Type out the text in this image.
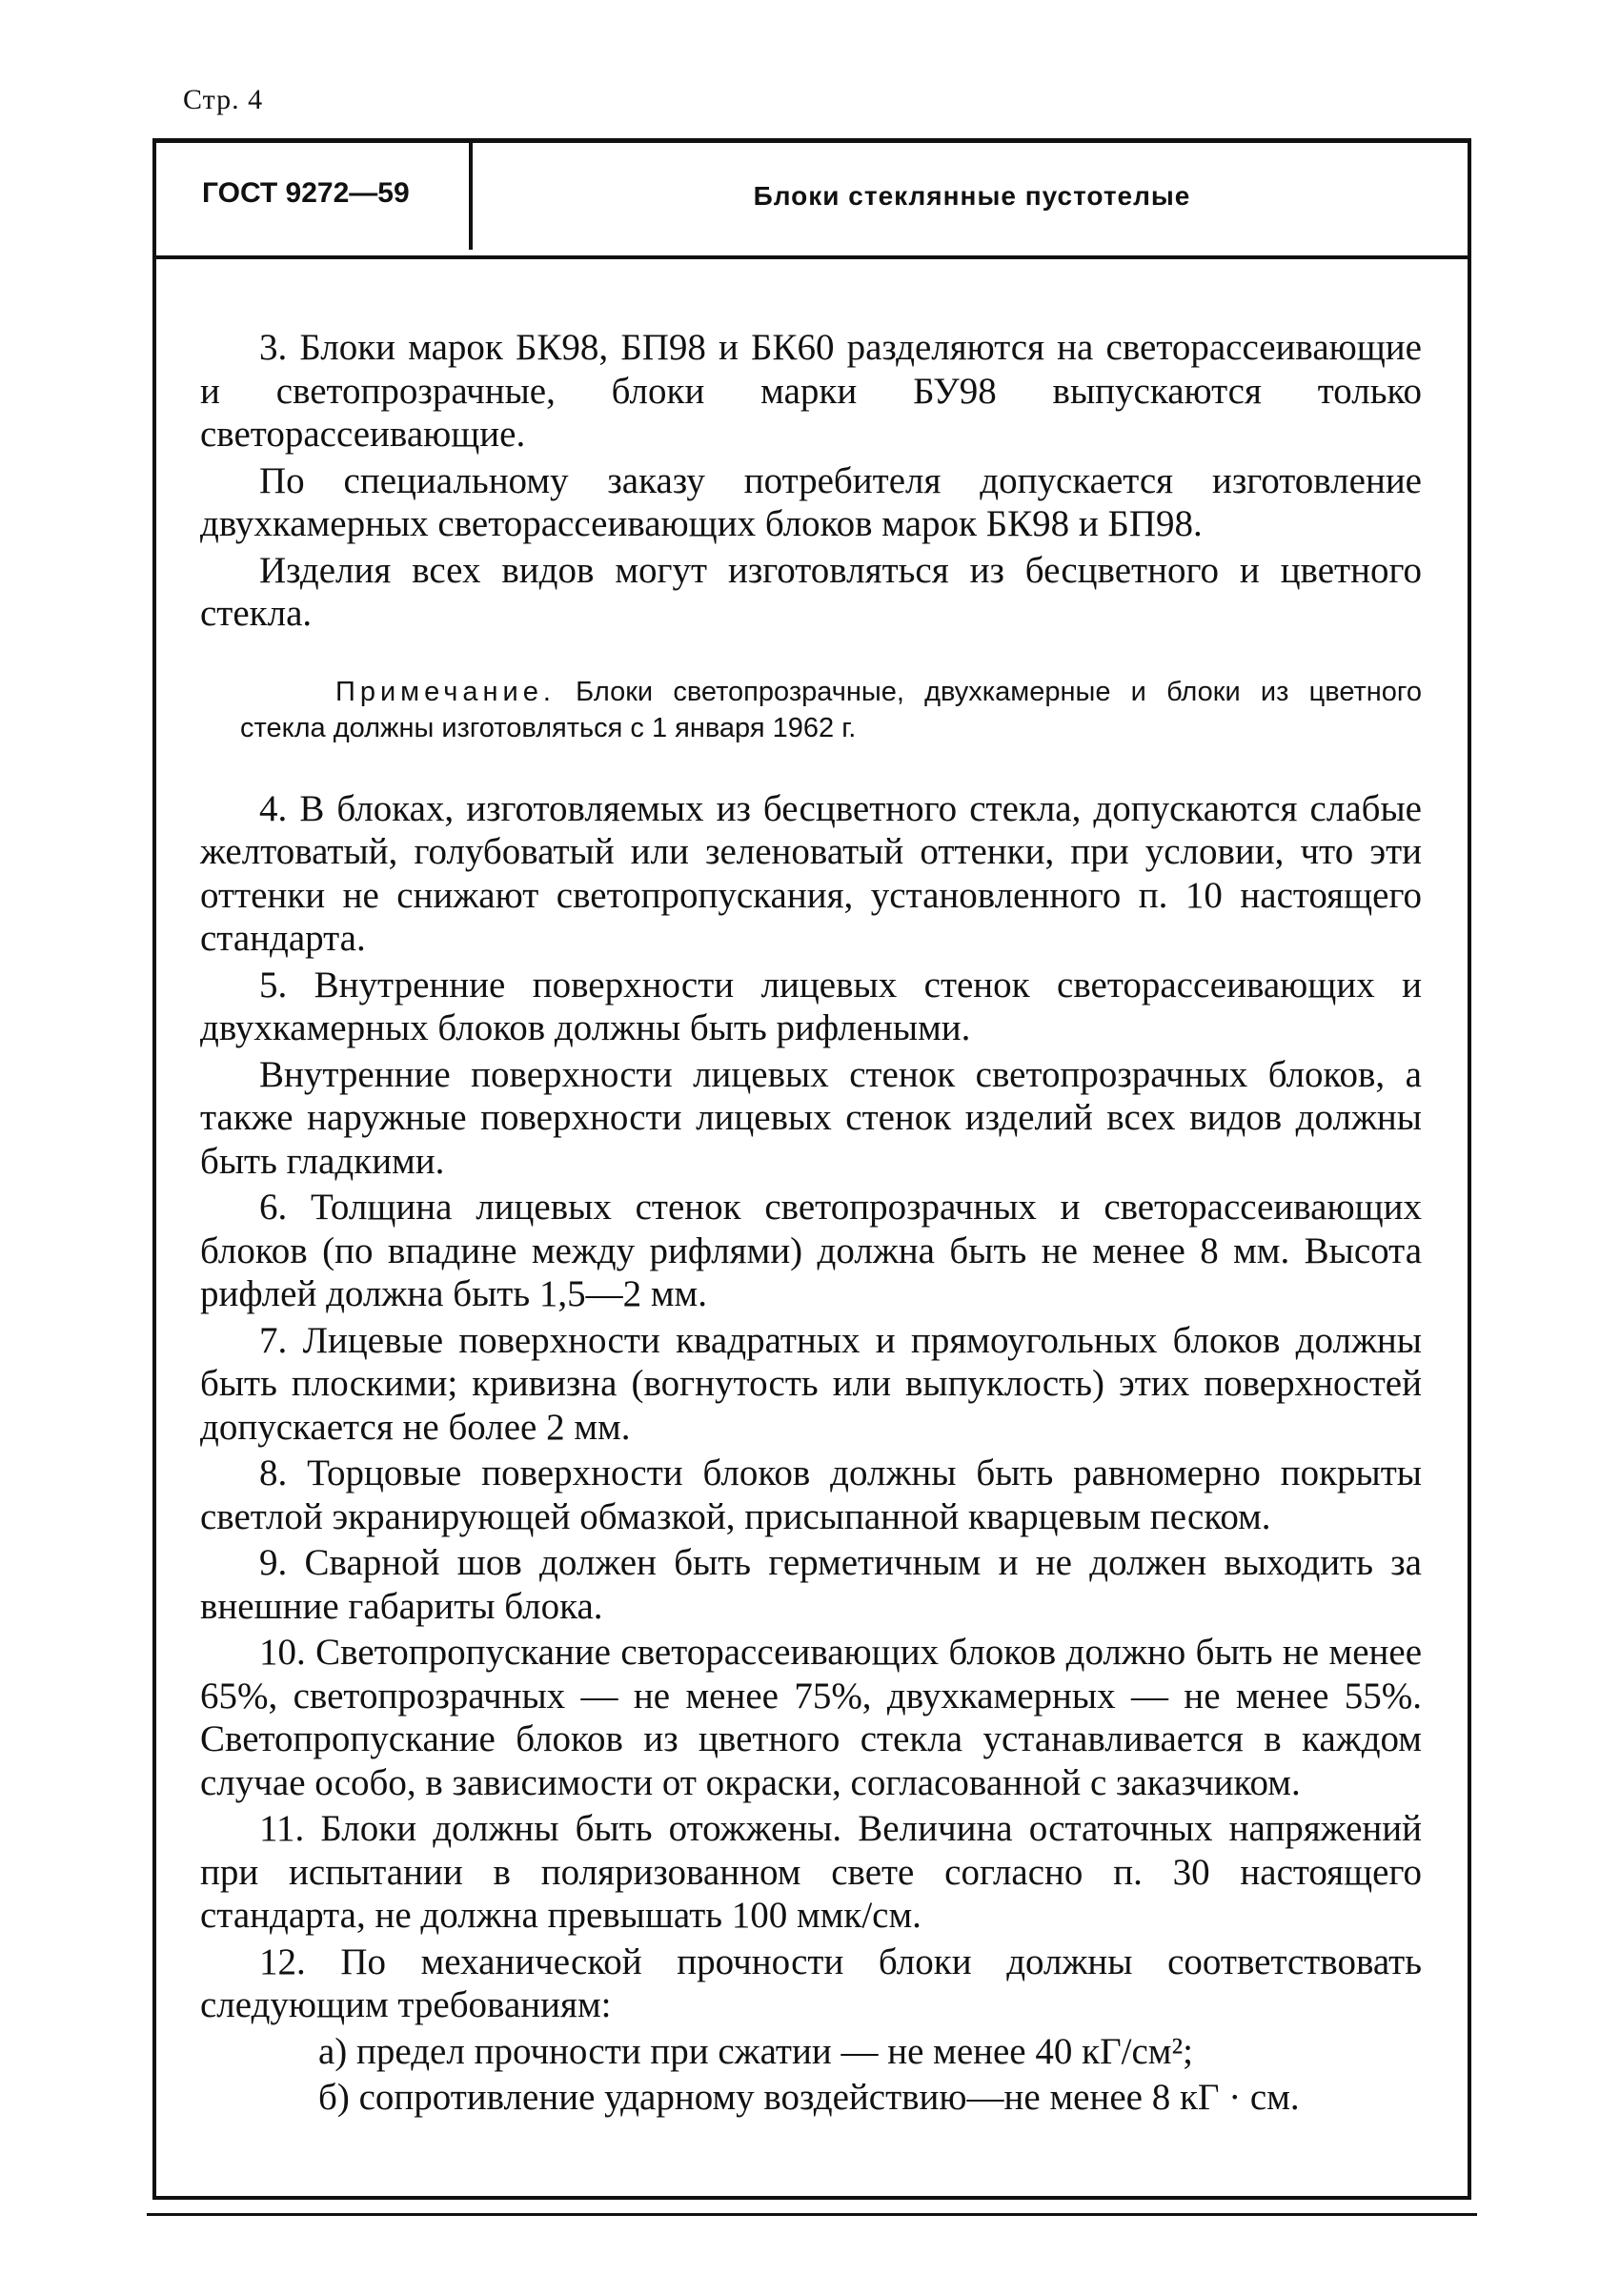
Стр. 4
ГОСТ 9272—59	Блоки стеклянные пустотелые

3. Блоки марок БК98, БП98 и БК60 разделяются на светорассеивающие и светопрозрачные, блоки марки БУ98 выпускаются только светорассеивающие.

По специальному заказу потребителя допускается изготовление двухкамерных светорассеивающих блоков марок БК98 и БП98.

Изделия всех видов могут изготовляться из бесцветного и цветного стекла.

Примечание. Блоки светопрозрачные, двухкамерные и блоки из цветного стекла должны изготовляться с 1 января 1962 г.

4. В блоках, изготовляемых из бесцветного стекла, допускаются слабые желтоватый, голубоватый или зеленоватый оттенки, при условии, что эти оттенки не снижают светопропускания, установленного п. 10 настоящего стандарта.

5. Внутренние поверхности лицевых стенок светорассеивающих и двухкамерных блоков должны быть рифлеными.

Внутренние поверхности лицевых стенок светопрозрачных блоков, а также наружные поверхности лицевых стенок изделий всех видов должны быть гладкими.

6. Толщина лицевых стенок светопрозрачных и светорассеивающих блоков (по впадине между рифлями) должна быть не менее 8 мм. Высота рифлей должна быть 1,5—2 мм.

7. Лицевые поверхности квадратных и прямоугольных блоков должны быть плоскими; кривизна (вогнутость или выпуклость) этих поверхностей допускается не более 2 мм.

8. Торцовые поверхности блоков должны быть равномерно покрыты светлой экранирующей обмазкой, присыпанной кварцевым песком.

9. Сварной шов должен быть герметичным и не должен выходить за внешние габариты блока.

10. Светопропускание светорассеивающих блоков должно быть не менее 65%, светопрозрачных — не менее 75%, двухкамерных — не менее 55%. Светопропускание блоков из цветного стекла устанавливается в каждом случае особо, в зависимости от окраски, согласованной с заказчиком.

11. Блоки должны быть отожжены. Величина остаточных напряжений при испытании в поляризованном свете согласно п. 30 настоящего стандарта, не должна превышать 100 ммк/см.

12. По механической прочности блоки должны соответствовать следующим требованиям:

а) предел прочности при сжатии — не менее 40 кГ/см²;

б) сопротивление ударному воздействию—не менее 8 кГ · см.
